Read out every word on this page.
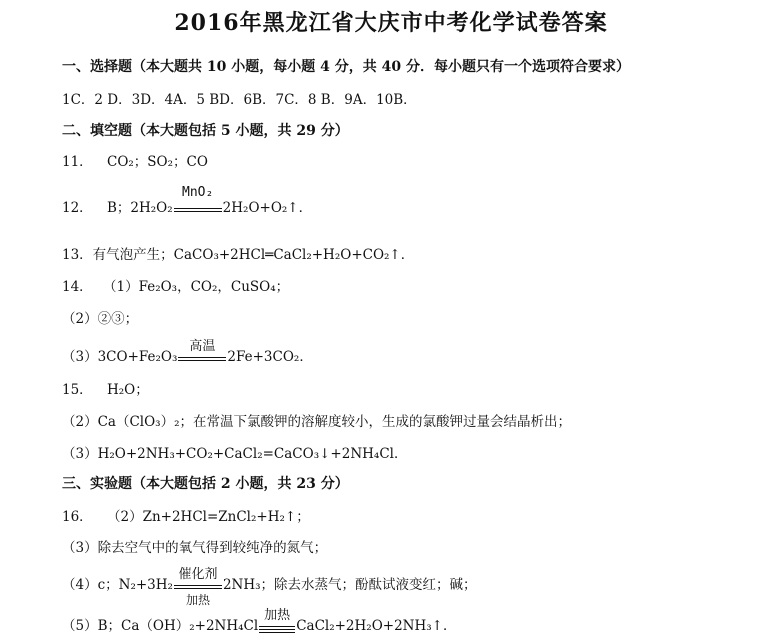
2016年黑龙江省大庆市中考化学试卷答案
一、选择题（本大题共 10 小题，每小题 4 分，共 40 分．每小题只有一个选项符合要求）
1C．2 D．3D．4A．5 BD．6B．7C．8 B．9A．10B．
二、填空题（本大题包括 5 小题，共 29 分）
11． CO₂；SO₂；CO
12． B；2H₂O₂
MnO₂
2H₂O+O₂↑．
13．有气泡产生；CaCO₃+2HCl═CaCl₂+H₂O+CO₂↑．
14． （1）Fe₂O₃，CO₂，CuSO₄；
（2）②③；
（3）3CO+Fe₂O₃
高温
2Fe+3CO₂．
15． H₂O；
（2）Ca（ClO₃）₂；在常温下氯酸钾的溶解度较小，生成的氯酸钾过量会结晶析出；
（3）H₂O+2NH₃+CO₂+CaCl₂=CaCO₃↓+2NH₄Cl．
三、实验题（本大题包括 2 小题，共 23 分）
16． （2）Zn+2HCl=ZnCl₂+H₂↑；
（3）除去空气中的氧气得到较纯净的氮气；
（4）c；N₂+3H₂
催化剂
加热
2NH₃；除去水蒸气；酚酞试液变红；碱；
（5）B；Ca（OH）₂+2NH₄Cl
加热
CaCl₂+2H₂O+2NH₃↑．
